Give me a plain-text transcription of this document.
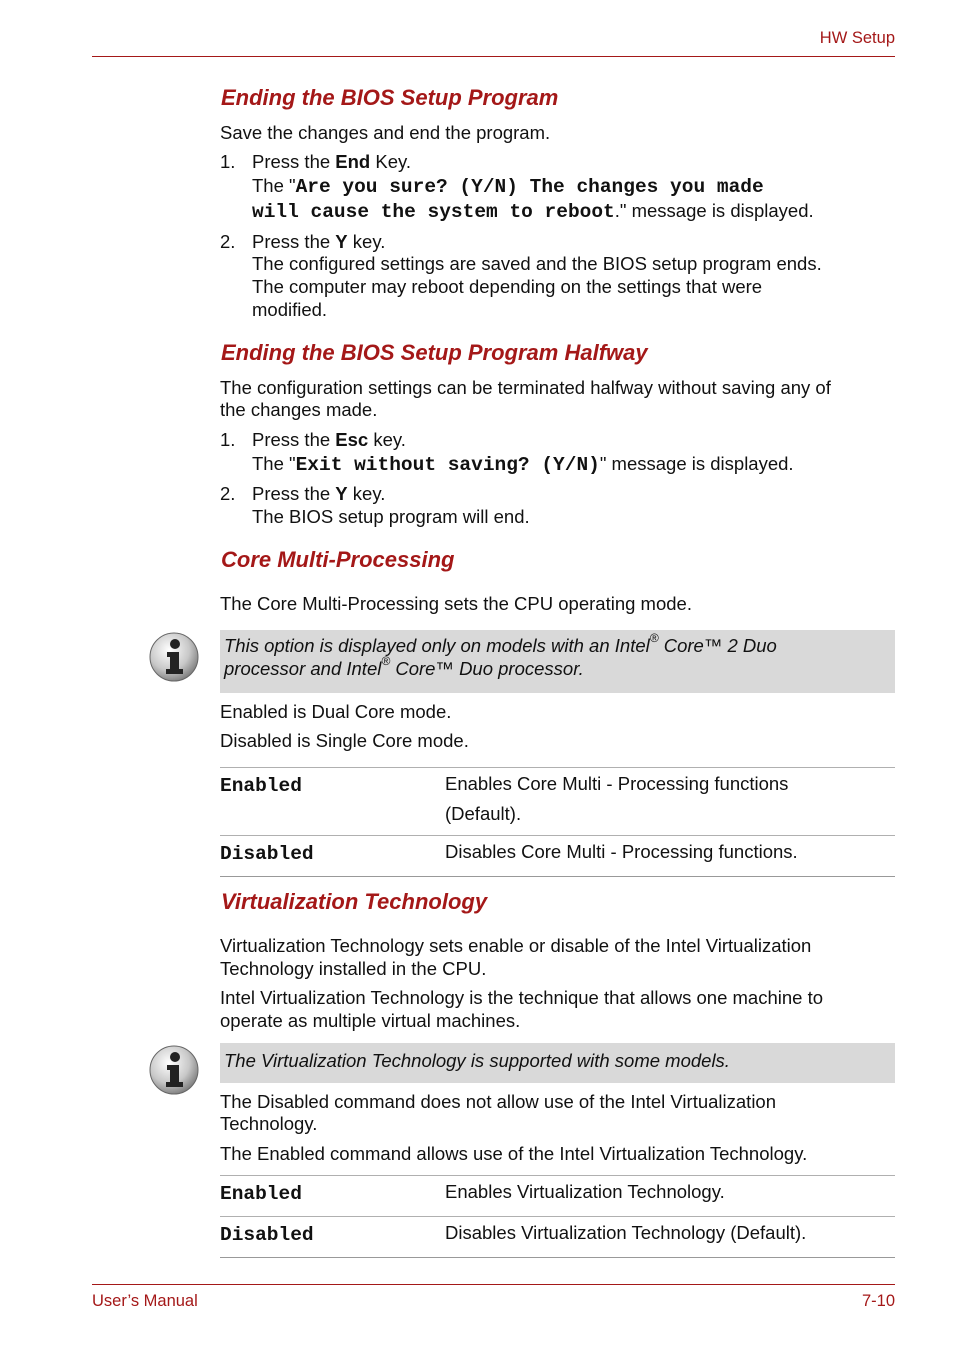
HW Setup
User’s Manual	7-10
Ending the BIOS Setup Program
Save the changes and end the program.
1. Press the End Key.
The "Are you sure? (Y/N) The changes you made
will cause the system to reboot." message is displayed.
2. Press the Y key.
The configured settings are saved and the BIOS setup program ends.
The computer may reboot depending on the settings that were
modified.
Ending the BIOS Setup Program Halfway
The configuration settings can be terminated halfway without saving any of
the changes made.
1. Press the Esc key.
The "Exit without saving? (Y/N)" message is displayed.
2. Press the Y key.
The BIOS setup program will end.
Core Multi-Processing
The Core Multi-Processing sets the CPU operating mode.
This option is displayed only on models with an Intel® Core™ 2 Duo
processor and Intel® Core™ Duo processor.
Enabled is Dual Core mode.
Disabled is Single Core mode.
Enabled	Enables Core Multi - Processing functions
(Default).
Disabled	Disables Core Multi - Processing functions.
Virtualization Technology
Virtualization Technology sets enable or disable of the Intel Virtualization
Technology installed in the CPU.
Intel Virtualization Technology is the technique that allows one machine to
operate as multiple virtual machines.
The Virtualization Technology is supported with some models.
The Disabled command does not allow use of the Intel Virtualization
Technology.
The Enabled command allows use of the Intel Virtualization Technology.
Enabled	Enables Virtualization Technology.
Disabled	Disables Virtualization Technology (Default).
